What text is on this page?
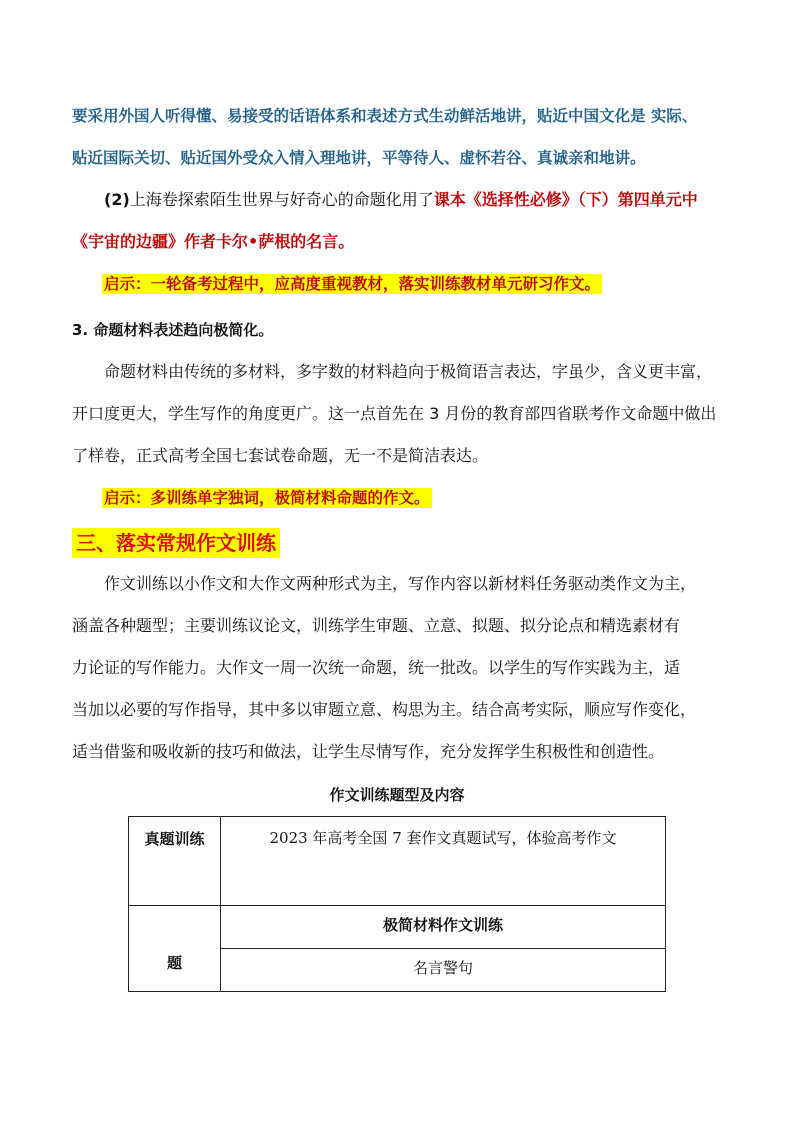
要采用外国人听得懂、易接受的话语体系和表述方式生动鲜活地讲，贴近中国文化是 实际、
贴近国际关切、贴近国外受众入情入理地讲，平等待人、虚怀若谷、真诚亲和地讲。
(2)上海卷探索陌生世界与好奇心的命题化用了课本《选择性必修》（下）第四单元中
《宇宙的边疆》作者卡尔•萨根的名言。
启示：一轮备考过程中，应高度重视教材，落实训练教材单元研习作文。
3. 命题材料表述趋向极简化。
命题材料由传统的多材料，多字数的材料趋向于极简语言表达，字虽少，含义更丰富，
开口度更大，学生写作的角度更广。这一点首先在 3 月份的教育部四省联考作文命题中做出
了样卷，正式高考全国七套试卷命题，无一不是简洁表达。
启示：多训练单字独词，极简材料命题的作文。
三、落实常规作文训练
作文训练以小作文和大作文两种形式为主，写作内容以新材料任务驱动类作文为主，
涵盖各种题型；主要训练议论文，训练学生审题、立意、拟题、拟分论点和精选素材有
力论证的写作能力。大作文一周一次统一命题，统一批改。以学生的写作实践为主，适
当加以必要的写作指导，其中多以审题立意、构思为主。结合高考实际，顺应写作变化，
适当借鉴和吸收新的技巧和做法，让学生尽情写作，充分发挥学生积极性和创造性。
作文训练题型及内容
真题训练	2023 年高考全国 7 套作文真题试写，体验高考作文
题	极简材料作文训练
	名言警句
